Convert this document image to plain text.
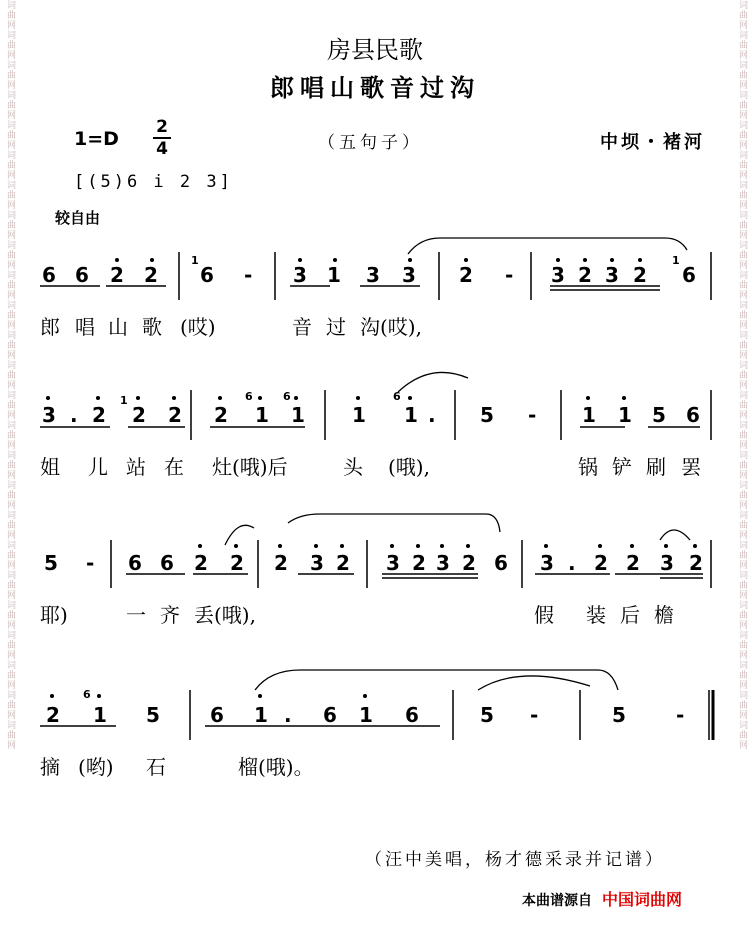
词曲网词曲网词曲网词曲网词曲网词曲网词曲网词曲网词曲网词曲网词曲网词曲网词曲网词曲网词曲网词曲网词曲网词曲网词曲网词曲网词曲网词曲网词曲网词曲网词曲网	词曲网词曲网词曲网词曲网词曲网词曲网词曲网词曲网词曲网词曲网词曲网词曲网词曲网词曲网词曲网词曲网词曲网词曲网词曲网词曲网词曲网词曲网词曲网词曲网词曲网
房县民歌
郎唱山歌音过沟
1=D
2
4	（五句子）	中坝・褚河
[(5)6 i 2 3]
较自由
6 6 2 2 6 - 3 1 3 3 2 - 3 2 3 2 6
1	1
郎 唱 山 歌 (哎)	音 过 沟(哎),
3 . 2 2 2 2 1 1 1 1 . 5 - 1 1 5 6
1	6	6	6
姐 儿 站 在 灶(哦)后	头 (哦),	锅 铲 刷 罢
5 - 6 6 2 2 2 3 2 3 2 3 2 6 3 . 2 2 3 2
耶)	一 齐 丢(哦),	假 装 后 檐
2 1 5	6 1 . 6 1 6	5 -	5	-
6
摘 (哟) 石	榴(哦)。
（汪中美唱，杨才德采录并记谱）
本曲谱源自 中国词曲网
